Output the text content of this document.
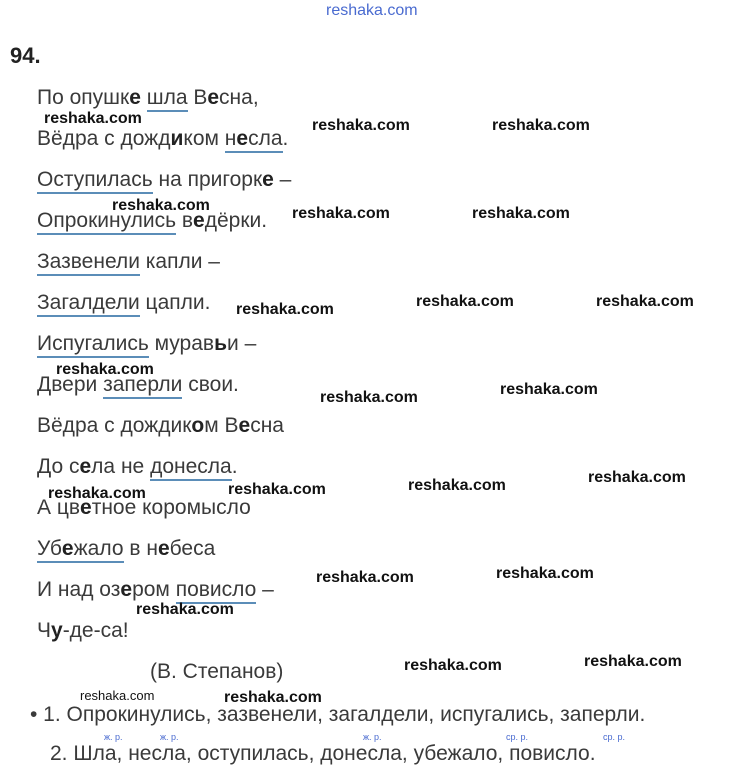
reshaka.com
94.
По опушке шла Весна,
Вёдра с дождиком несла.
Оступилась на пригорке –
Опрокинулись ведёрки.
Зазвенели капли –
Загалдели цапли.
Испугались муравьи –
Двери заперли свои.
Вёдра с дождиком Весна
До села не донесла.
А цветное коромысло
Убежало в небеса
И над озером повисло –
Чу-де-са!
(В. Степанов)
• 1. Опрокинулись, зазвенели, загалдели, испугались, заперли.
ж. р.	ж. р.	ж. р.	ср. р.	ср. р.
2. Шла, несла, оступилась, донесла, убежало, повисло.
reshaka.com	reshaka.com	reshaka.com
reshaka.com	reshaka.com	reshaka.com
reshaka.com	reshaka.com	reshaka.com
reshaka.com
reshaka.com	reshaka.com
reshaka.com	reshaka.com	reshaka.com	reshaka.com
reshaka.com	reshaka.com
reshaka.com
reshaka.com	reshaka.com
reshaka.com	reshaka.com
